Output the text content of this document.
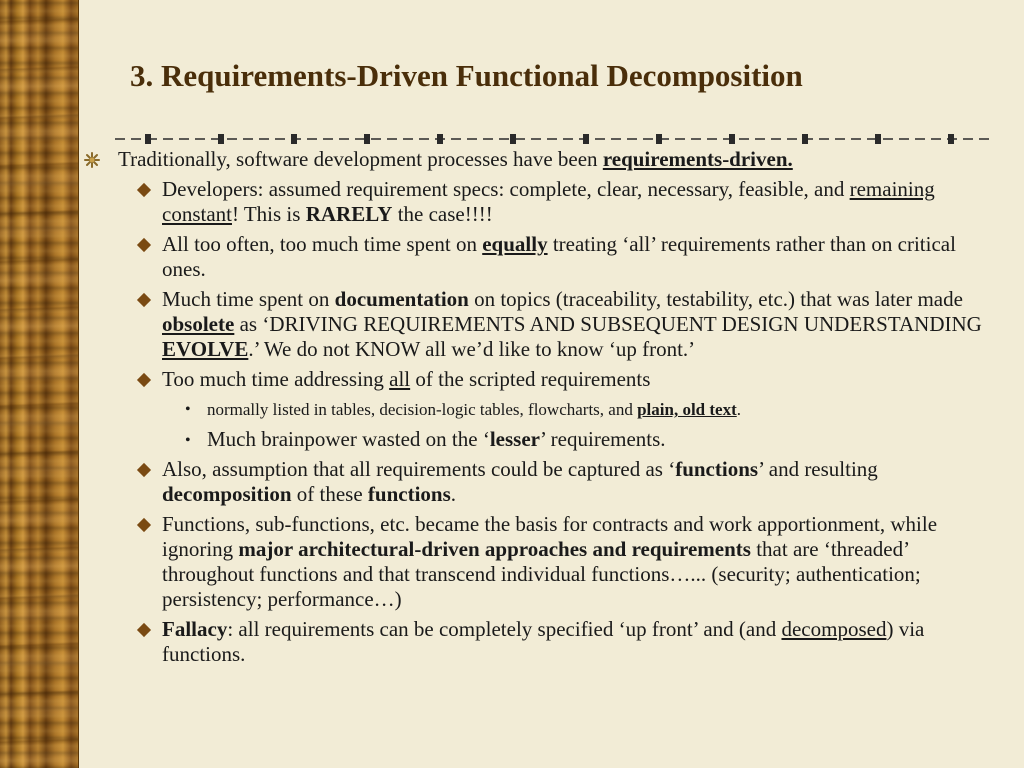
3. Requirements-Driven Functional Decomposition
Traditionally, software development processes have been requirements-driven.
Developers: assumed requirement specs: complete, clear, necessary, feasible, and remaining constant! This is RARELY the case!!!!
All too often, too much time spent on equally treating ‘all’ requirements rather than on critical ones.
Much time spent on documentation on topics (traceability, testability, etc.) that was later made obsolete as ‘DRIVING REQUIREMENTS AND SUBSEQUENT DESIGN UNDERSTANDING EVOLVE.’ We do not KNOW all we’d like to know ‘up front.’
Too much time addressing all of the scripted requirements
• normally listed in tables, decision-logic tables, flowcharts, and plain, old text.
• Much brainpower wasted on the ‘lesser’ requirements.
Also, assumption that all requirements could be captured as ‘functions’ and resulting decomposition of these functions.
Functions, sub-functions, etc. became the basis for contracts and work apportionment, while ignoring major architectural-driven approaches and requirements that are ‘threaded’ throughout functions and that transcend individual functions…... (security; authentication; persistency; performance…)
Fallacy: all requirements can be completely specified ‘up front’ and (and decomposed) via functions.
